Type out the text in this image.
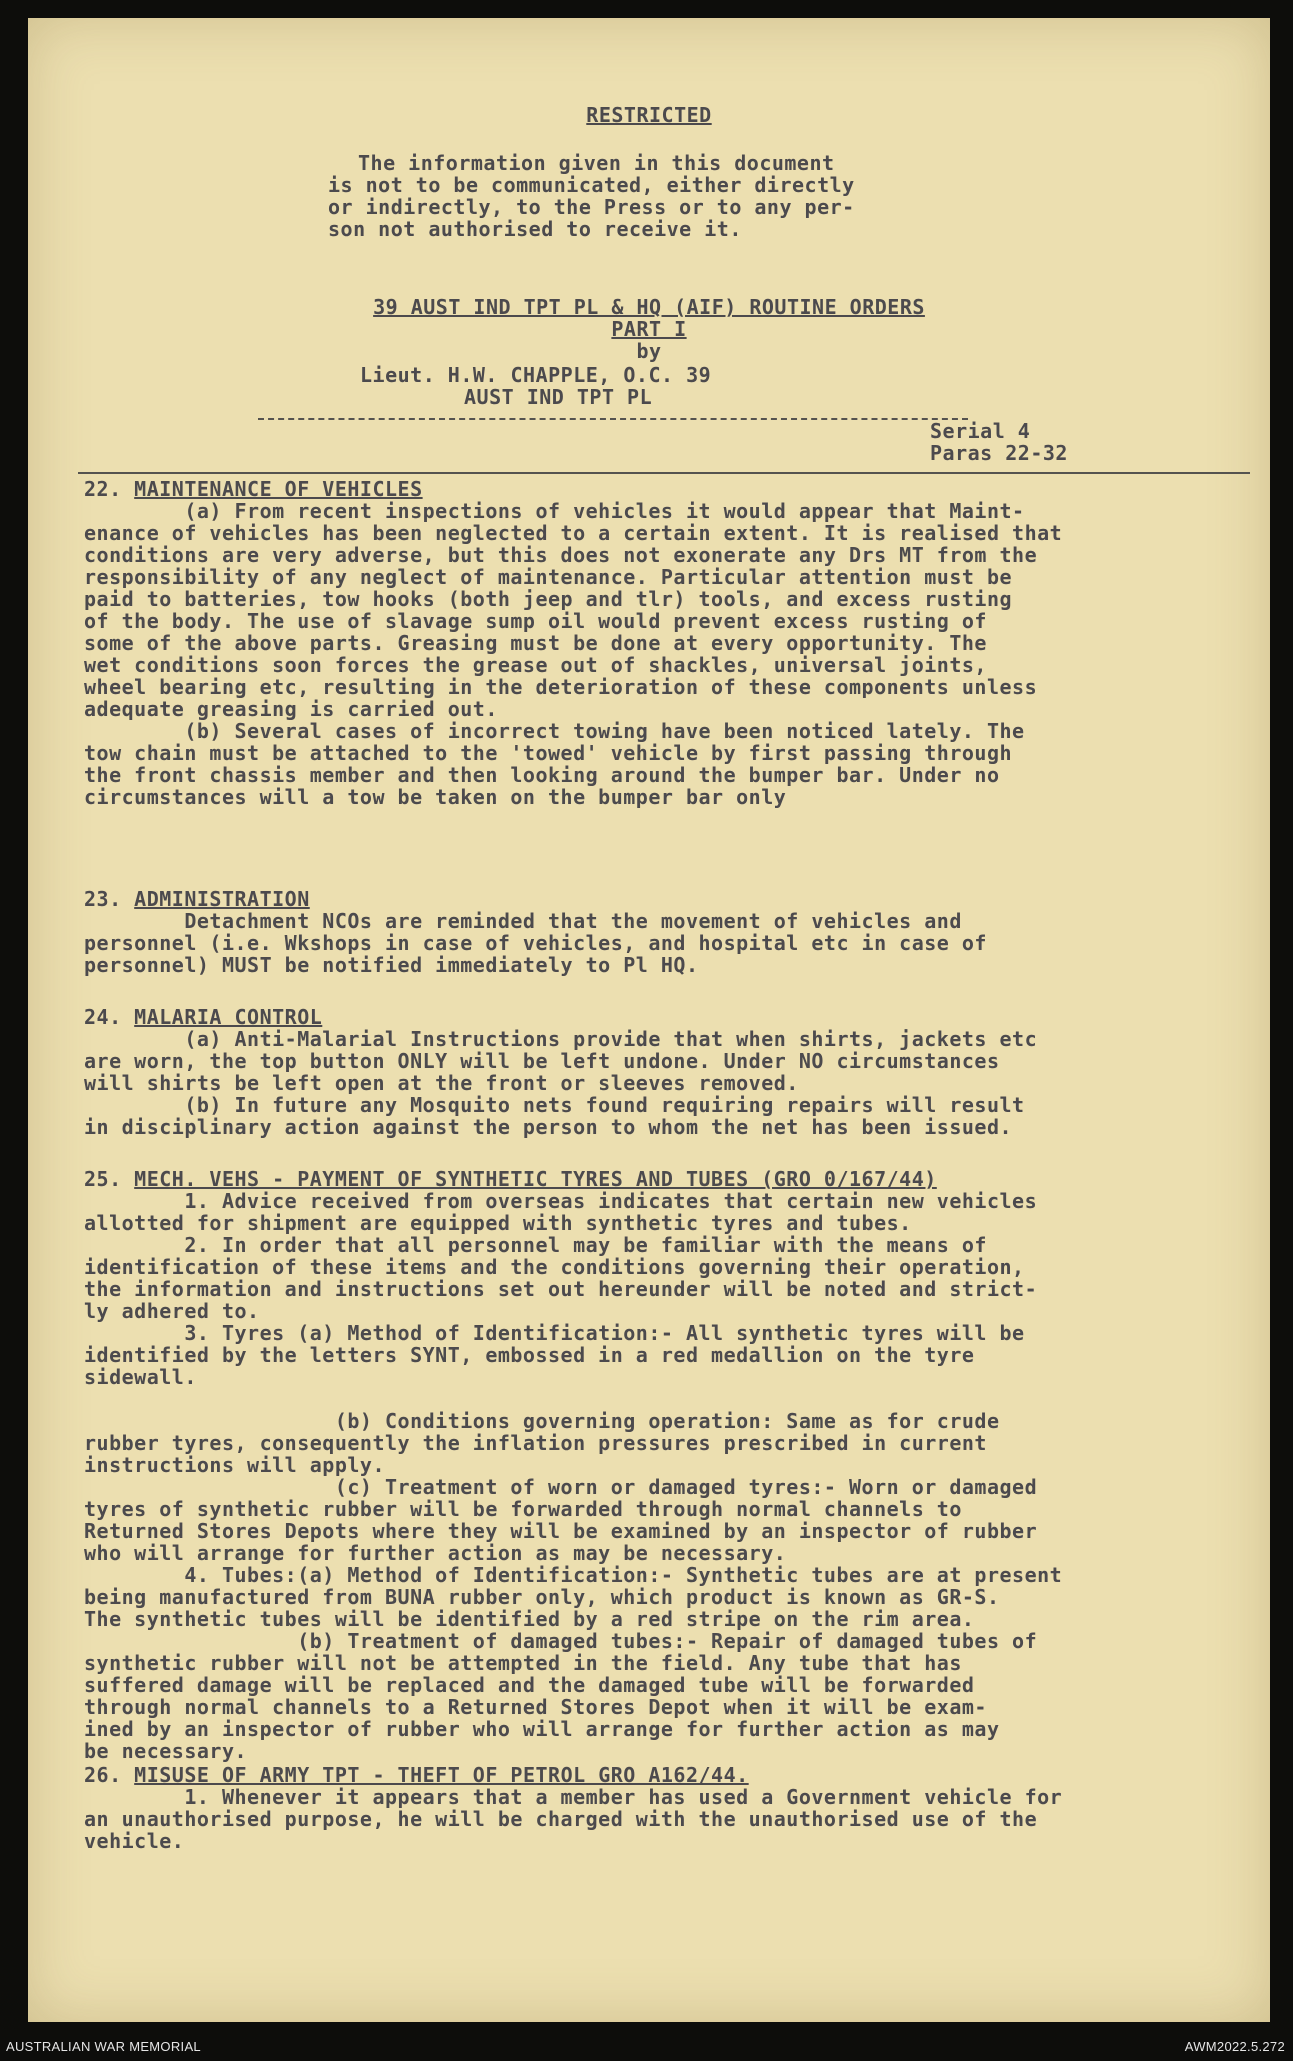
RESTRICTED
The information given in this document
is not to be communicated, either directly
or indirectly, to the Press or to any per-
son not authorised to receive it.
39 AUST IND TPT PL & HQ (AIF) ROUTINE ORDERS
PART I
by
Lieut. H.W. CHAPPLE, O.C. 39
AUST IND TPT PL
Serial 4
Paras 22-32
22. MAINTENANCE OF VEHICLES
(a) From recent inspections of vehicles it would appear that Maint-
enance of vehicles has been neglected to a certain extent. It is realised that
conditions are very adverse, but this does not exonerate any Drs MT from the
responsibility of any neglect of maintenance. Particular attention must be
paid to batteries, tow hooks (both jeep and tlr) tools, and excess rusting
of the body. The use of slavage sump oil would prevent excess rusting of
some of the above parts. Greasing must be done at every opportunity. The
wet conditions soon forces the grease out of shackles, universal joints,
wheel bearing etc, resulting in the deterioration of these components unless
adequate greasing is carried out.
(b) Several cases of incorrect towing have been noticed lately. The
tow chain must be attached to the 'towed' vehicle by first passing through
the front chassis member and then looking around the bumper bar. Under no
circumstances will a tow be taken on the bumper bar only
23. ADMINISTRATION
Detachment NCOs are reminded that the movement of vehicles and
personnel (i.e. Wkshops in case of vehicles, and hospital etc in case of
personnel) MUST be notified immediately to Pl HQ.
24. MALARIA CONTROL
(a) Anti-Malarial Instructions provide that when shirts, jackets etc
are worn, the top button ONLY will be left undone. Under NO circumstances
will shirts be left open at the front or sleeves removed.
(b) In future any Mosquito nets found requiring repairs will result
in disciplinary action against the person to whom the net has been issued.
25. MECH. VEHS - PAYMENT OF SYNTHETIC TYRES AND TUBES (GRO 0/167/44)
1. Advice received from overseas indicates that certain new vehicles
allotted for shipment are equipped with synthetic tyres and tubes.
2. In order that all personnel may be familiar with the means of
identification of these items and the conditions governing their operation,
the information and instructions set out hereunder will be noted and strict-
ly adhered to.
3. Tyres (a) Method of Identification:- All synthetic tyres will be
identified by the letters SYNT, embossed in a red medallion on the tyre
sidewall.
(b) Conditions governing operation: Same as for crude
rubber tyres, consequently the inflation pressures prescribed in current
instructions will apply.
(c) Treatment of worn or damaged tyres:- Worn or damaged
tyres of synthetic rubber will be forwarded through normal channels to
Returned Stores Depots where they will be examined by an inspector of rubber
who will arrange for further action as may be necessary.
4. Tubes:(a) Method of Identification:- Synthetic tubes are at present
being manufactured from BUNA rubber only, which product is known as GR-S.
The synthetic tubes will be identified by a red stripe on the rim area.
(b) Treatment of damaged tubes:- Repair of damaged tubes of
synthetic rubber will not be attempted in the field. Any tube that has
suffered damage will be replaced and the damaged tube will be forwarded
through normal channels to a Returned Stores Depot when it will be exam-
ined by an inspector of rubber who will arrange for further action as may
be necessary.
26. MISUSE OF ARMY TPT - THEFT OF PETROL GRO A162/44.
1. Whenever it appears that a member has used a Government vehicle for
an unauthorised purpose, he will be charged with the unauthorised use of the
vehicle.
AUSTRALIAN WAR MEMORIAL	AWM2022.5.272
